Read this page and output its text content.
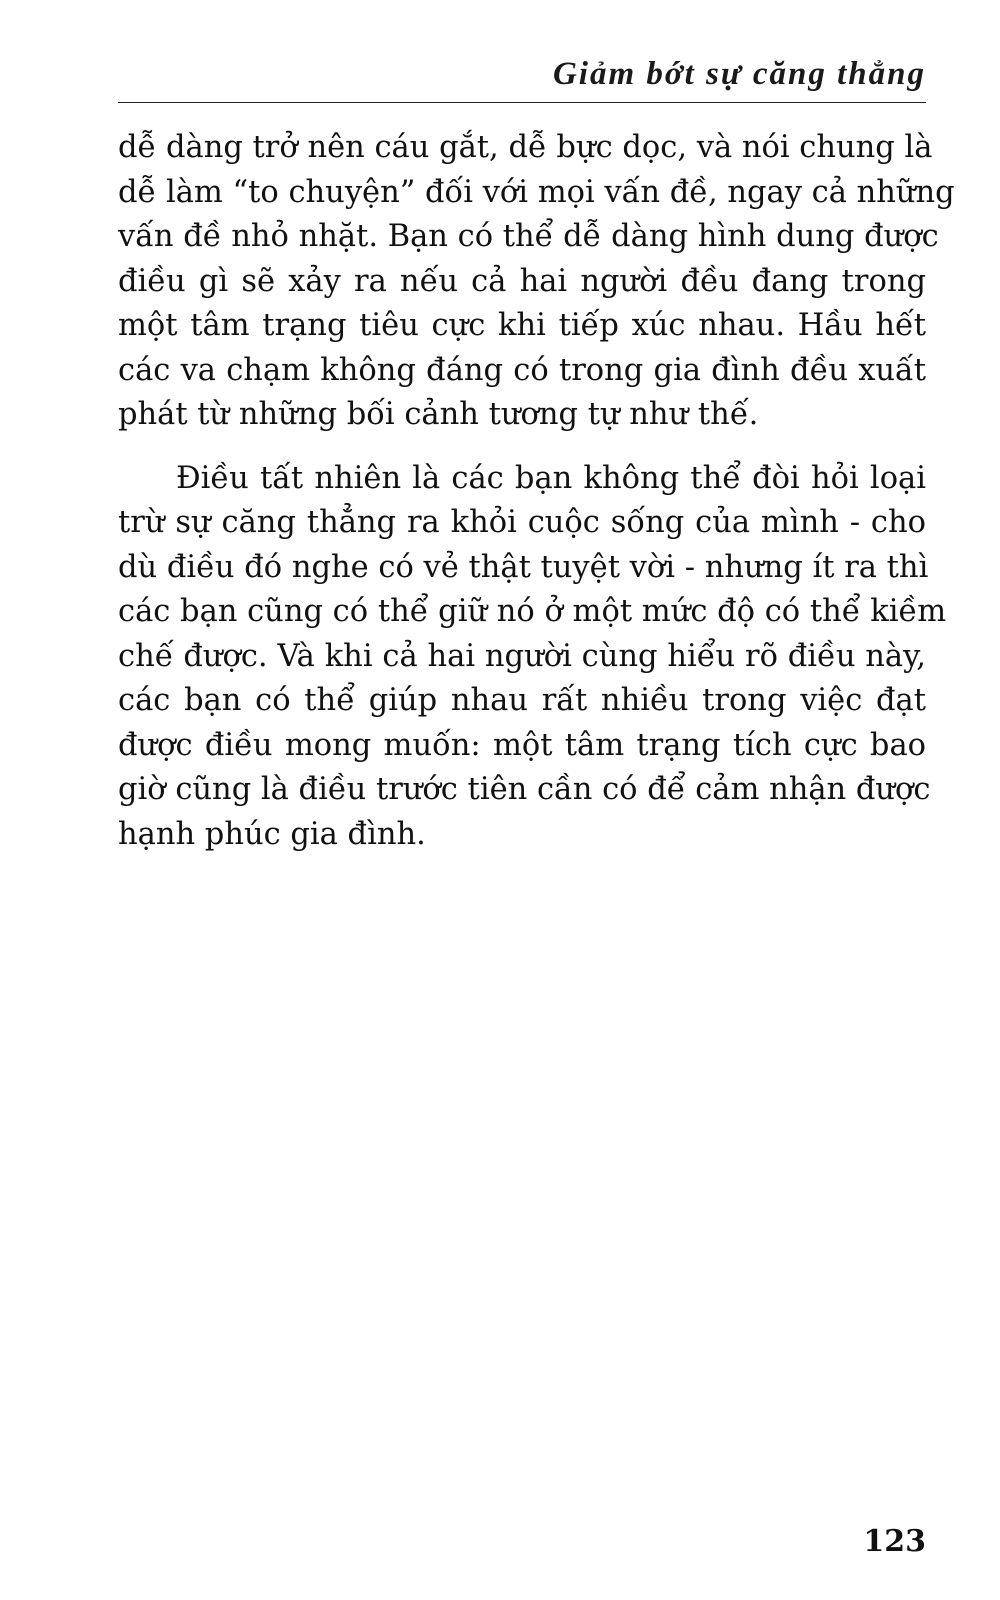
Giảm bớt sự căng thẳng

dễ dàng trở nên cáu gắt, dễ bực dọc, và nói chung là
dễ làm “to chuyện” đối với mọi vấn đề, ngay cả những
vấn đề nhỏ nhặt. Bạn có thể dễ dàng hình dung được
điều gì sẽ xảy ra nếu cả hai người đều đang trong
một tâm trạng tiêu cực khi tiếp xúc nhau. Hầu hết
các va chạm không đáng có trong gia đình đều xuất
phát từ những bối cảnh tương tự như thế.

Điều tất nhiên là các bạn không thể đòi hỏi loại
trừ sự căng thẳng ra khỏi cuộc sống của mình - cho
dù điều đó nghe có vẻ thật tuyệt vời - nhưng ít ra thì
các bạn cũng có thể giữ nó ở một mức độ có thể kiềm
chế được. Và khi cả hai người cùng hiểu rõ điều này,
các bạn có thể giúp nhau rất nhiều trong việc đạt
được điều mong muốn: một tâm trạng tích cực bao
giờ cũng là điều trước tiên cần có để cảm nhận được
hạnh phúc gia đình.

123
